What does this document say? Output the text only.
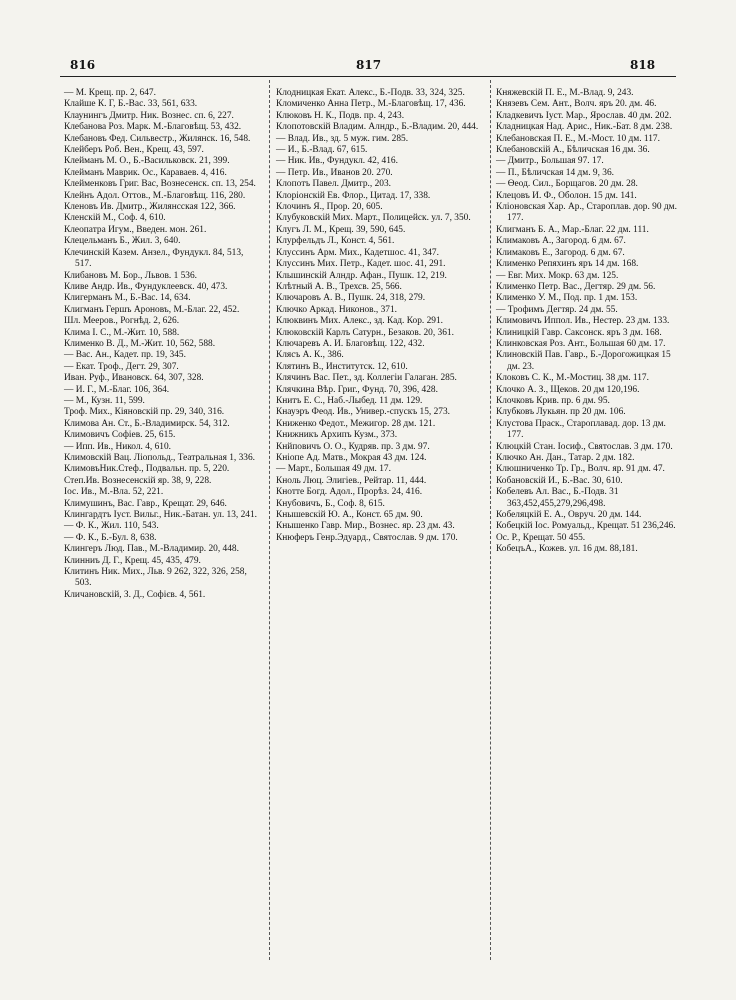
816	817	818

— М. Крещ. пр. 2, 647.

Клайше К. Г, Б.-Вас. 33, 561, 633.

Клаунингъ Дмитр. Ник. Вознес. сп. 6, 227.

Клебанова Роз. Марк. М.-Благовѣщ. 53, 432.

Клебановъ Фед. Сильвестр., Жилянск. 16, 548.

Клейберъ Роб. Вен., Крещ. 43, 597.

Клейманъ М. О., Б.-Васильковск. 21, 399.

Клейманъ Маврик. Ос., Караваев. 4, 416.

Клейменковъ Григ. Вас, Вознесенск. сп. 13, 254.

Клейнъ Адол. Оттов., М.-Благовѣщ. 116, 280.

Кленовъ Ив. Дмитр., Жилянсская 122, 366.

Кленскій М., Соф. 4, 610.

Клеопатра Игум., Введен. мон. 261.

Клецельманъ Б., Жил. 3, 640.

Клечинскій Казем. Анзел., Фундукл. 84, 513, 517.

Клибановъ М. Бор., Львов. 1 536.

Кливе Андр. Ив., Фундуклеевск. 40, 473.

Клигерманъ М., Б.-Вас. 14, 634.

Клигманъ Гершъ Ароновъ, М.-Благ. 22, 452.

Шл. Мееров., Рогнѣд. 2, 626.

Клима І. С., М.-Жит. 10, 588.

Клименко В. Д., М.-Жит. 10, 562, 588.

— Вас. Ан., Кадет. пр. 19, 345.

— Екат. Троф., Дегт. 29, 307.

Иван. Руф., Ивановск. 64, 307, 328.

— И. Г., М.-Благ. 106, 364.

— М., Кузн. 11, 599.

Троф. Мих., Кіяновскій пр. 29, 340, 316.

Климова Ан. Ст., Б.-Владимирск. 54, 312.

Климовичъ Софіев. 25, 615.

— Ипп. Ив., Никол. 4, 610.

Климовскій Вац. Ліопольд., Театральная 1, 336.

КлимовъНик.Стеф., Подвальн. пр. 5, 220.

Степ.Ив. Вознесенскій яр. 38, 9, 228.

Іос. Ив., М.-Вла. 52, 221.

Климушинъ, Вас. Гавр., Крещат. 29, 646.

Клингардтъ Іуст. Вильг., Ник.-Батан. ул. 13, 241.

— Ф. К., Жил. 110, 543.

— Ф. К., Б.-Бул. 8, 638.

Клингеръ Люд. Пав., М.-Владимир. 20, 448.

Клинниъ Д. Г., Крещ. 45, 435, 479.

Клитинъ Ник. Мих., Льв. 9 262, 322, 326, 258, 503.

Кличановскій, З. Д., Софієв. 4, 561.

Клодницкая Екат. Алекс., Б.-Подв. 33, 324, 325.

Кломиченко Анна Петр., М.-Благовѣщ. 17, 436.

Клюковъ Н. К., Подв. пр. 4, 243.

Клопотовскій Владим. Алндр., Б.-Владим. 20, 444.

— Влад. Ив., зд. 5 муж. гим. 285.

— И., Б.-Влад. 67, 615.

— Ник. Ив., Фундукл. 42, 416.

— Петр. Ив., Иванов 20. 270.

Клопотъ Павел. Дмитр., 203.

Клоріонскій Ев. Флор., Цитад. 17, 338.

Клочинъ Я., Прор. 20, 605.

Клубуковскій Мих. Март., Полицейск. ул. 7, 350.

Клугъ Л. М., Крещ. 39, 590, 645.

Клурфельдъ Л., Конст. 4, 561.

Клуссинъ Арм. Мих., Кадетшос. 41, 347.

Клуссинъ Мих. Петр., Кадет. шос. 41, 291.

Клышинскій Алндр. Афан., Пушк. 12, 219.

Клѣтный А. В., Трехсв. 25, 566.

Ключаровъ А. В., Пушк. 24, 318, 279.

Ключко Аркад. Никонов., 371.

Клюквинъ Мих. Алекс., зд. Кад. Кор. 291.

Клюковскій Карлъ Сатурн., Безаков. 20, 361.

Ключаревъ А. И. Благовѣщ. 122, 432.

Клясъ А. К., 386.

Клятинъ В., Институтск. 12, 610.

Клячинъ Вас. Пет., зд. Коллегіи Галаган. 285.

Клячкина Вѣр. Григ., Фунд. 70, 396, 428.

Книтъ Е. С., Наб.-Лыбед. 11 дм. 129.

Кнауэръ Феод. Ив., Универ.-спускъ 15, 273.

Книженко Федот., Межигор. 28 дм. 121.

Книжникъ Архипъ Кузм., 373.

Кнйповичъ О. О., Кудряв. пр. 3 дм. 97.

Кніопе Ад. Матв., Мокрая 43 дм. 124.

— Март., Большая 49 дм. 17.

Кноль Люц. Элигіев., Рейтар. 11, 444.

Кнотте Богд. Адол., Прорѣз. 24, 416.

Кнубовичъ, Б., Соф. 8, 615.

Кнышевскій Ю. А., Конст. 65 дм. 90.

Кнышенко Гавр. Мир., Вознес. яр. 23 дм. 43.

Кнюферъ Генр.Эдуард., Святослав. 9 дм. 170.

Княжевскій П. Е., М.-Влад. 9, 243.

Князевъ Сем. Ант., Волч. яръ 20. дм. 46.

Кладкевичъ Іуст. Мар., Ярослав. 40 дм. 202.

Кладницкая Над. Арис., Ник.-Бат. 8 дм. 238.

Клебановская П. Е., М.-Мост. 10 дм. 117.

Клебановскій А., Бѣличская 16 дм. 36.

— Дмитр., Большая 97. 17.

— П., Бѣличская 14 дм. 9, 36.

— Ѳеод. Сил., Борщагов. 20 дм. 28.

Клецовъ И. Ф., Оболон. 15 дм. 141.

Кліоновская Хар. Ар., Староплав. дор. 90 дм. 177.

Клигманъ Б. А., Мар.-Благ. 22 дм. 111.

Климаковъ А., Загород. 6 дм. 67.

Климаковъ Е., Загород. 6 дм. 67.

Клименко Репяхинъ яръ 14 дм. 168.

— Евг. Мих. Мокр. 63 дм. 125.

Клименко Петр. Вас., Дегтяр. 29 дм. 56.

Клименко У. М., Под. пр. 1 дм. 153.

— Трофимъ Дегтяр. 24 дм. 55.

Климовичъ Иппол. Ив., Нестер. 23 дм. 133.

Клиницкій Гавр. Саксонск. яръ 3 дм. 168.

Клинковская Роз. Ант., Большая 60 дм. 17.

Клиновскій Пав. Гавр., Б.-Дорогожицкая 15 дм. 23.

Клоковъ С. К., М.-Мостиц. 38 дм. 117.

Клочко А. З., Щеков. 20 дм 120,196.

Клочковъ Крив. пр. 6 дм. 95.

Клубковъ Лукьян. пр 20 дм. 106.

Клустова Праск., Староплавад. дор. 13 дм. 177.

Клюцкій Стан. Іосиф., Святослав. 3 дм. 170.

Ключко Ан. Дан., Татар. 2 дм. 182.

Клюшниченко Тр. Гр., Волч. яр. 91 дм. 47.

Кобановскій И., Б.-Вас. 30, 610.

Кобелевъ Ал. Вас., Б.-Подв. 31 363,452,455,279,296,498.

Кобеляцкій Е. А., Овруч. 20 дм. 144.

Кобецкій Іос. Ромуальд., Крещат. 51 236,246.

Ос. Р., Крещат. 50 455.

КобецъА., Кожев. ул. 16 дм. 88,181.
